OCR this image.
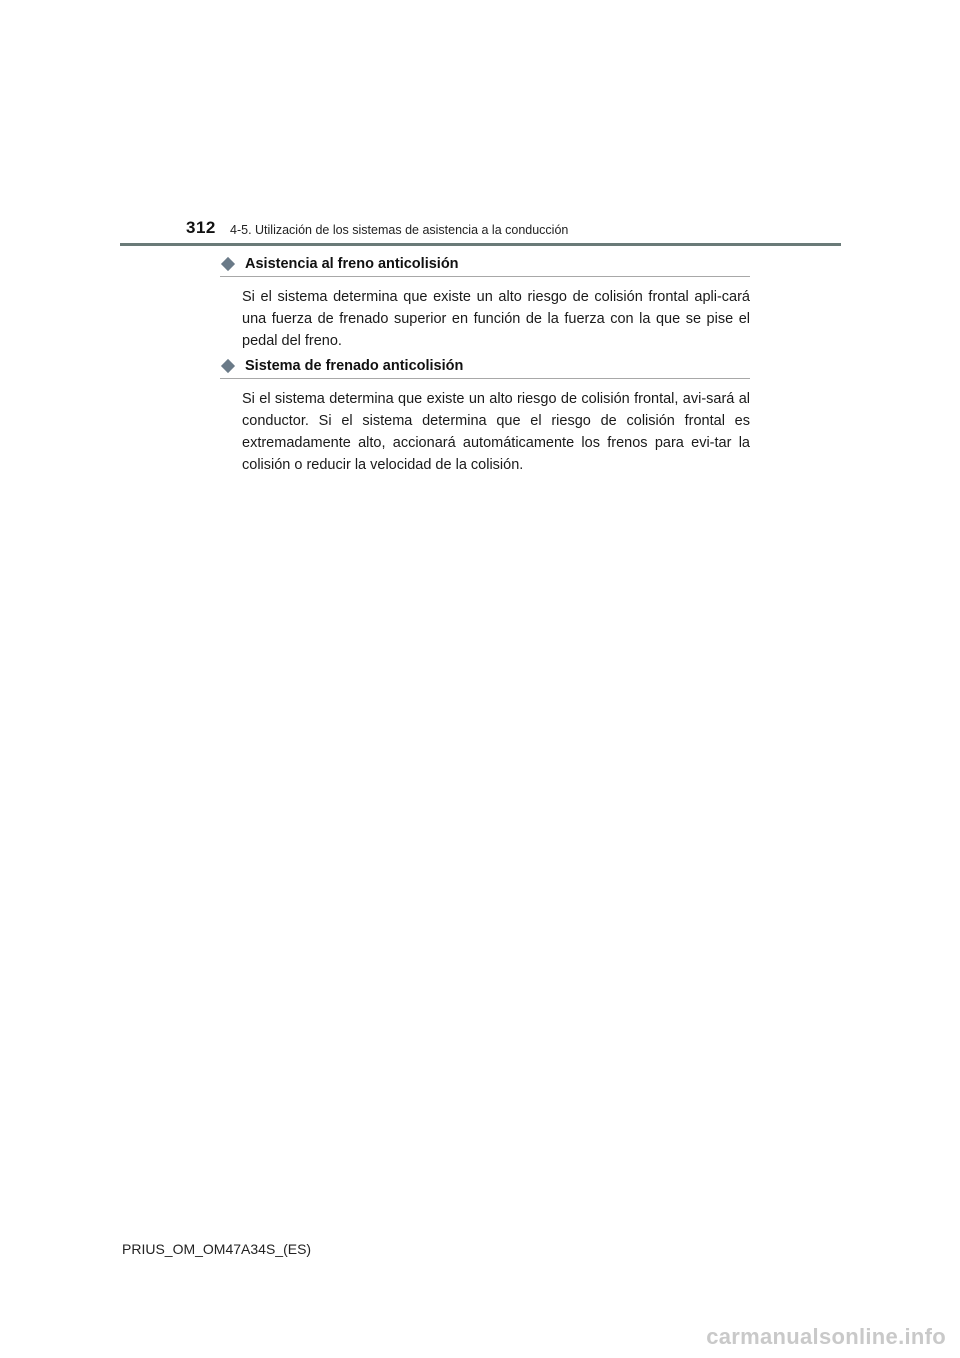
312 4-5. Utilización de los sistemas de asistencia a la conducción
Asistencia al freno anticolisión
Si el sistema determina que existe un alto riesgo de colisión frontal apli-cará una fuerza de frenado superior en función de la fuerza con la que se pise el pedal del freno.
Sistema de frenado anticolisión
Si el sistema determina que existe un alto riesgo de colisión frontal, avi-sará al conductor. Si el sistema determina que el riesgo de colisión frontal es extremadamente alto, accionará automáticamente los frenos para evi-tar la colisión o reducir la velocidad de la colisión.
PRIUS_OM_OM47A34S_(ES)
carmanualsonline.info
